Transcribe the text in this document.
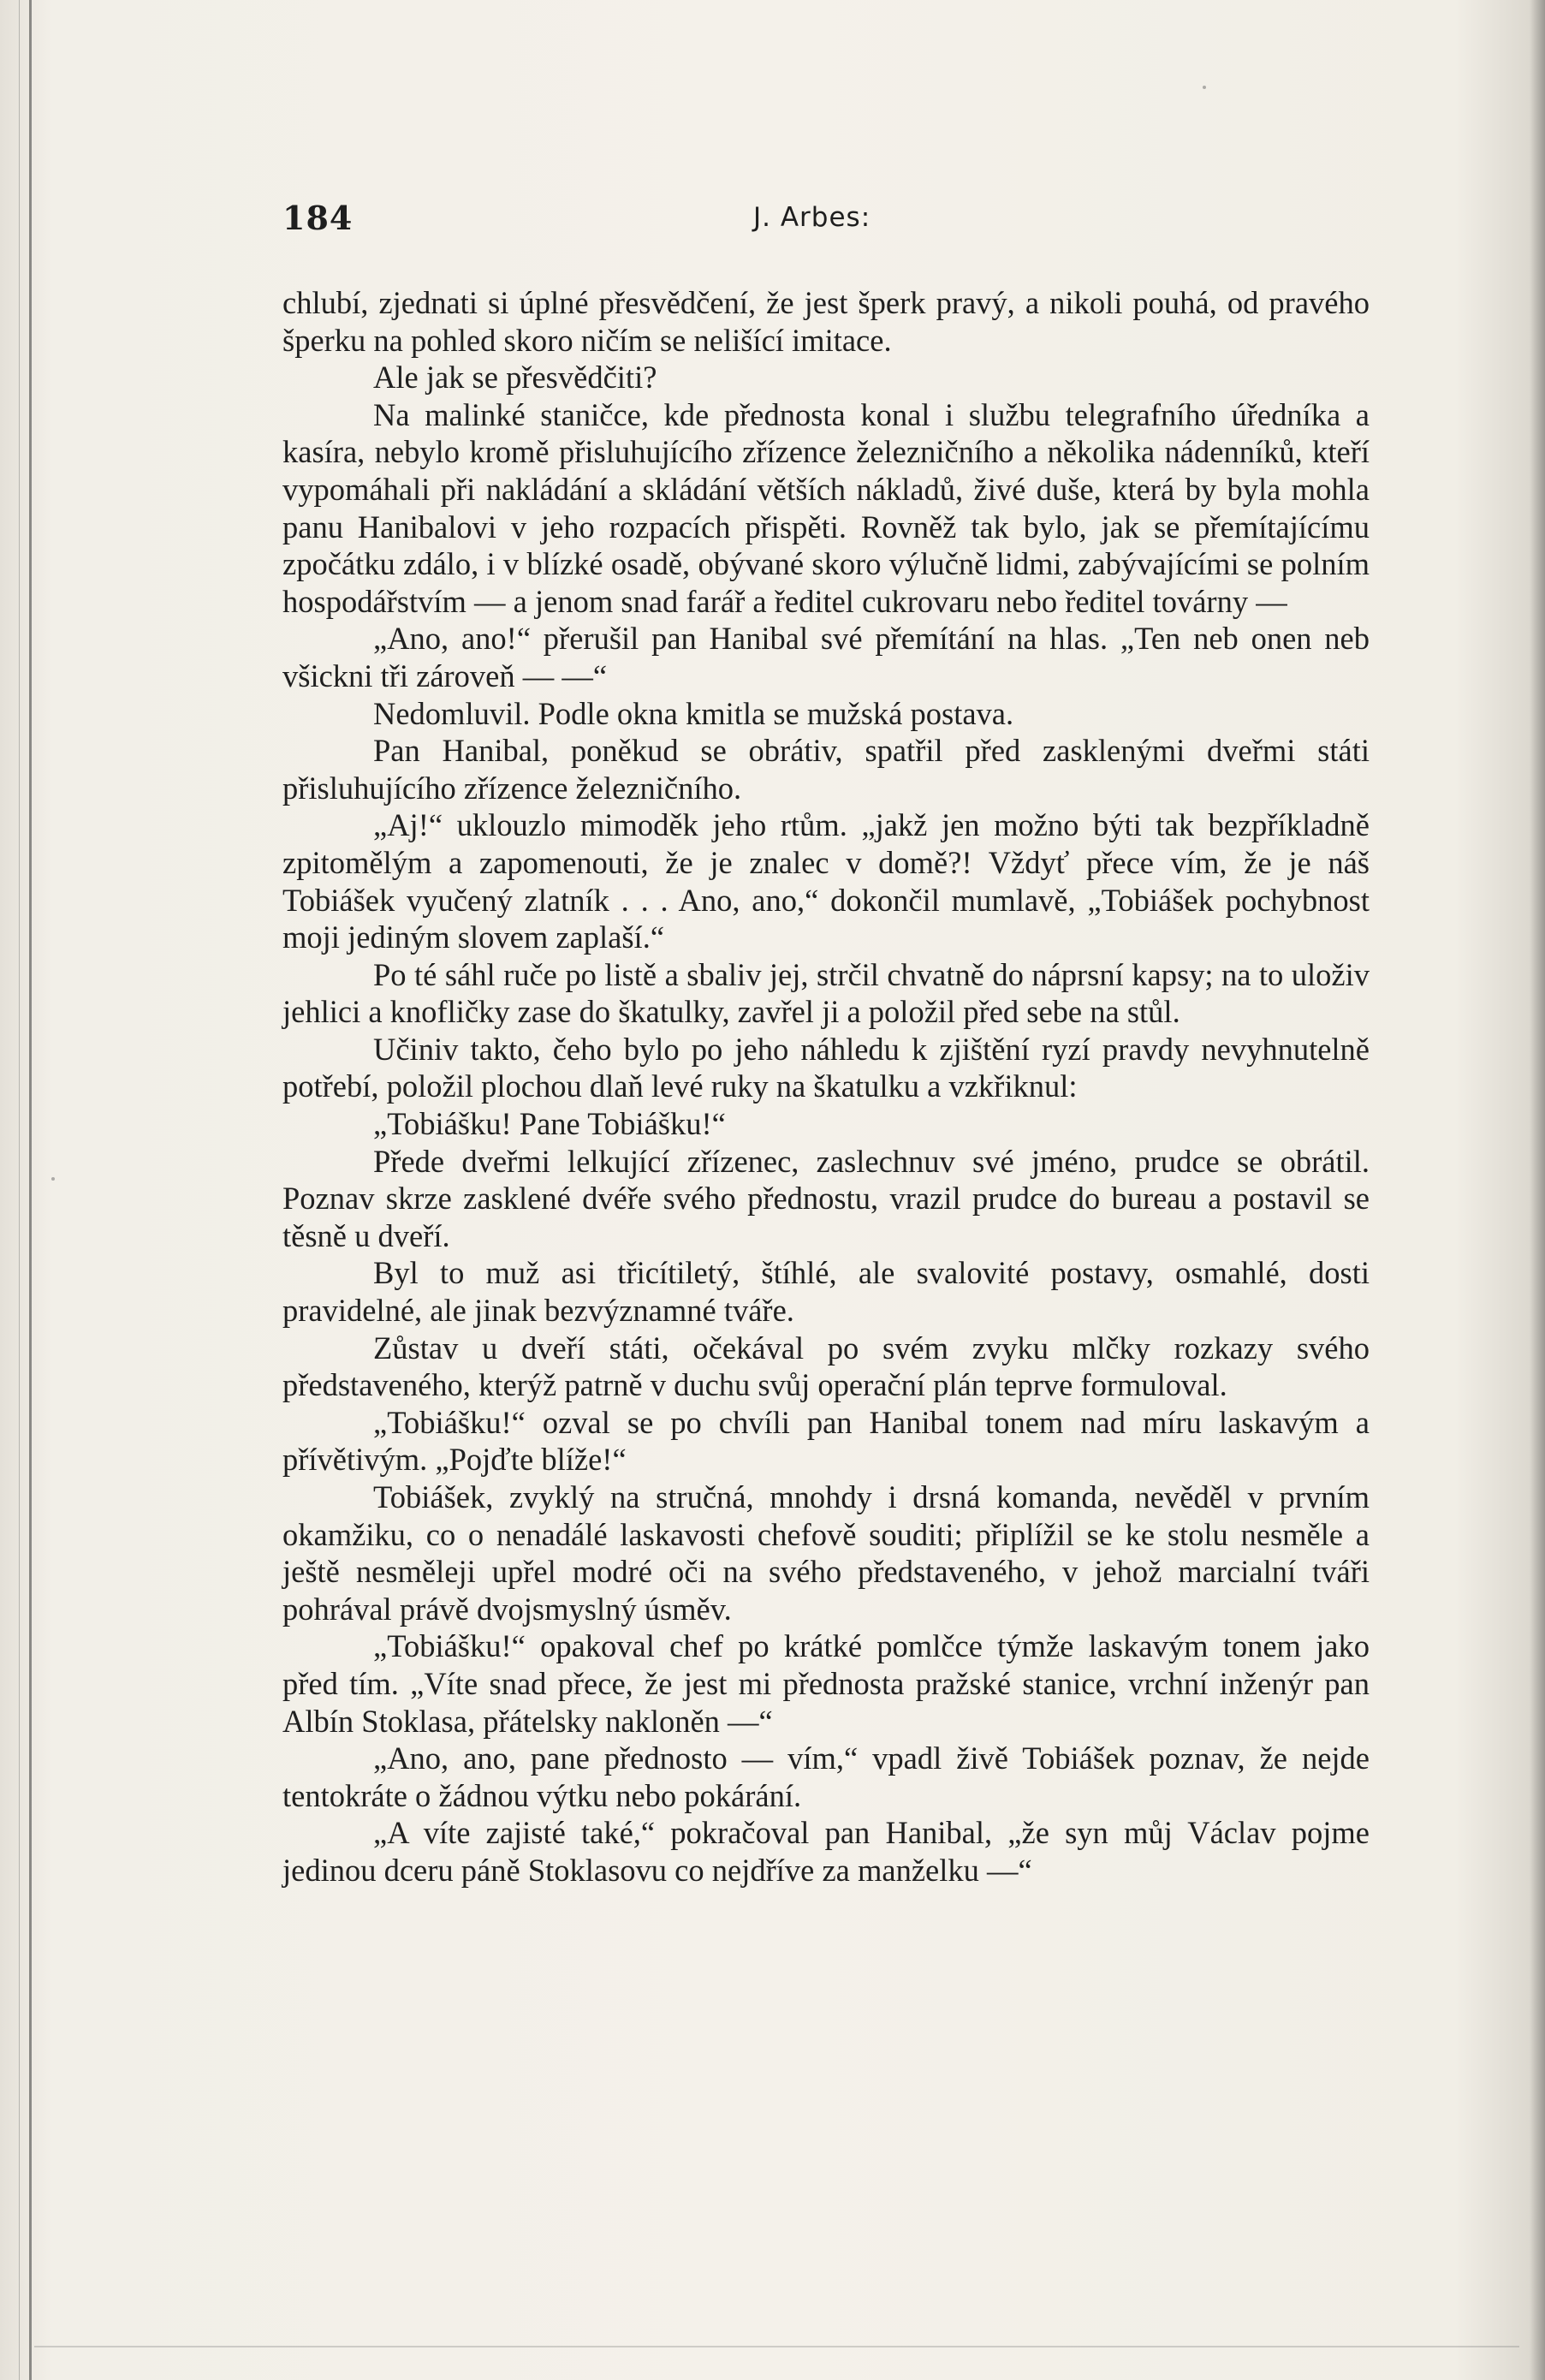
184	J. Arbes:

chlubí, zjednati si úplné přesvědčení, že jest šperk pravý, a nikoli pouhá, od pravého šperku na pohled skoro ničím se nelišící imitace.

Ale jak se přesvědčiti?

Na malinké staničce, kde přednosta konal i službu telegrafního úředníka a kasíra, nebylo kromě přisluhujícího zřízence železničního a několika nádenníků, kteří vypomáhali při nakládání a skládání větších nákladů, živé duše, která by byla mohla panu Hanibalovi v jeho rozpacích přispěti. Rovněž tak bylo, jak se přemítajícímu zpočátku zdálo, i v blízké osadě, obývané skoro výlučně lidmi, zabývajícími se polním hospodářstvím — a jenom snad farář a ředitel cukrovaru nebo ředitel továrny —

„Ano, ano!“ přerušil pan Hanibal své přemítání na hlas. „Ten neb onen neb všickni tři zároveň — —“

Nedomluvil. Podle okna kmitla se mužská postava.

Pan Hanibal, poněkud se obrátiv, spatřil před zasklenými dveřmi státi přisluhujícího zřízence železničního.

„Aj!“ uklouzlo mimoděk jeho rtům. „jakž jen možno býti tak bezpříkladně zpitomělým a zapomenouti, že je znalec v domě?! Vždyť přece vím, že je náš Tobiášek vyučený zlatník . . . Ano, ano,“ dokončil mumlavě, „Tobiášek pochybnost moji jediným slovem zaplaší.“

Po té sáhl ruče po listě a sbaliv jej, strčil chvatně do náprsní kapsy; na to uloživ jehlici a knofličky zase do škatulky, zavřel ji a položil před sebe na stůl.

Učiniv takto, čeho bylo po jeho náhledu k zjištění ryzí pravdy nevyhnutelně potřebí, položil plochou dlaň levé ruky na škatulku a vzkřiknul:

„Tobiášku! Pane Tobiášku!“

Přede dveřmi lelkující zřízenec, zaslechnuv své jméno, prudce se obrátil. Poznav skrze zasklené dvéře svého přednostu, vrazil prudce do bureau a postavil se těsně u dveří.

Byl to muž asi třicítiletý, štíhlé, ale svalovité postavy, osmahlé, dosti pravidelné, ale jinak bezvýznamné tváře.

Zůstav u dveří státi, očekával po svém zvyku mlčky rozkazy svého představeného, kterýž patrně v duchu svůj operační plán teprve formuloval.

„Tobiášku!“ ozval se po chvíli pan Hanibal tonem nad míru laskavým a přívětivým. „Pojďte blíže!“

Tobiášek, zvyklý na stručná, mnohdy i drsná komanda, nevěděl v prvním okamžiku, co o nenadálé laskavosti chefově souditi; připlížil se ke stolu nesměle a ještě nesměleji upřel modré oči na svého představeného, v jehož marcialní tváři pohrával právě dvojsmyslný úsměv.

„Tobiášku!“ opakoval chef po krátké pomlčce týmže laskavým tonem jako před tím. „Víte snad přece, že jest mi přednosta pražské stanice, vrchní inženýr pan Albín Stoklasa, přátelsky nakloněn —“

„Ano, ano, pane přednosto — vím,“ vpadl živě Tobiášek poznav, že nejde tentokráte o žádnou výtku nebo pokárání.

„A víte zajisté také,“ pokračoval pan Hanibal, „že syn můj Václav pojme jedinou dceru páně Stoklasovu co nejdříve za manželku —“
